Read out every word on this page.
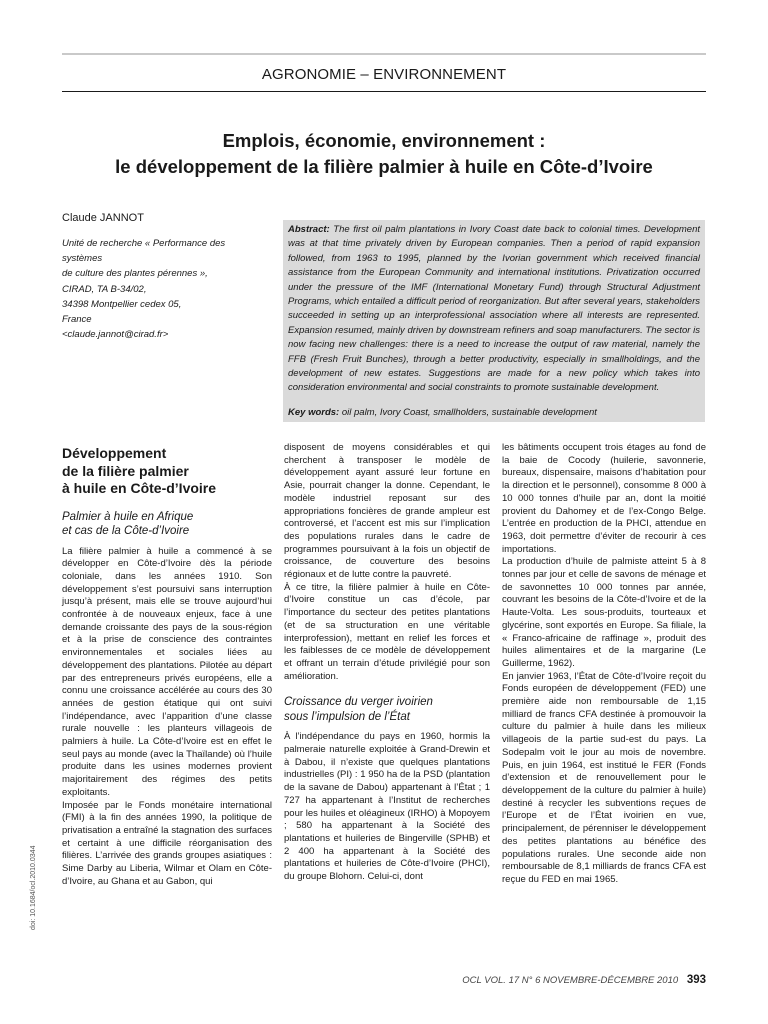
AGRONOMIE – ENVIRONNEMENT
Emplois, économie, environnement :
le développement de la filière palmier à huile en Côte-d’Ivoire
Claude JANNOT
Unité de recherche « Performance des systèmes
de culture des plantes pérennes »,
CIRAD, TA B-34/02,
34398 Montpellier cedex 05,
France
<claude.jannot@cirad.fr>

Abstract: The first oil palm plantations in Ivory Coast date back to colonial times. Development was at that time privately driven by European companies. Then a period of rapid expansion followed, from 1963 to 1995, planned by the Ivorian government which received financial assistance from the European Community and international institutions. Privatization occurred under the pressure of the IMF (International Monetary Fund) through Structural Adjustment Programs, which entailed a difficult period of reorganization. But after several years, stakeholders succeeded in setting up an interprofessional association where all interests are represented. Expansion resumed, mainly driven by downstream refiners and soap manufacturers. The sector is now facing new challenges: there is a need to increase the output of raw material, namely the FFB (Fresh Fruit Bunches), through a better productivity, especially in smallholdings, and the development of new estates. Suggestions are made for a new policy which takes into consideration environmental and social constraints to promote sustainable development.

Key words: oil palm, Ivory Coast, smallholders, sustainable development

Développement
de la filière palmier
à huile en Côte-d’Ivoire
Palmier à huile en Afrique
et cas de la Côte-d’Ivoire

La filière palmier à huile a commencé à se développer en Côte-d’Ivoire dès la période coloniale, dans les années 1910. Son développement s’est poursuivi sans interruption jusqu’à présent, mais elle se trouve aujourd’hui confrontée à de nouveaux enjeux, face à une demande croissante des pays de la sous-région et à la prise de conscience des contraintes environnementales et sociales liées au développement des plantations. Pilotée au départ par des entrepreneurs privés européens, elle a connu une croissance accélérée au cours des 30 années de gestion étatique qui ont suivi l’indépendance, avec l’apparition d’une classe rurale nouvelle : les planteurs villageois de palmiers à huile. La Côte-d’Ivoire est en effet le seul pays au monde (avec la Thaïlande) où l’huile produite dans les usines modernes provient majoritairement des régimes des petits exploitants.

Imposée par le Fonds monétaire international (FMI) à la fin des années 1990, la politique de privatisation a entraîné la stagnation des surfaces et certaint à une difficile réorganisation des filières. L’arrivée des grands groupes asiatiques : Sime Darby au Liberia, Wilmar et Olam en Côte-d’Ivoire, au Ghana et au Gabon, qui

disposent de moyens considérables et qui cherchent à transposer le modèle de développement ayant assuré leur fortune en Asie, pourrait changer la donne. Cependant, le modèle industriel reposant sur des appropriations foncières de grande ampleur est controversé, et l’accent est mis sur l’implication des populations rurales dans le cadre de programmes poursuivant à la fois un objectif de croissance, de couverture des besoins régionaux et de lutte contre la pauvreté.

À ce titre, la filière palmier à huile en Côte-d’Ivoire constitue un cas d’école, par l’importance du secteur des petites plantations (et de sa structuration en une véritable interprofession), mettant en relief les forces et les faiblesses de ce modèle de développement et offrant un terrain d’étude privilégié pour son amélioration.

Croissance du verger ivoirien
sous l’impulsion de l’État

À l’indépendance du pays en 1960, hormis la palmeraie naturelle exploitée à Grand-Drewin et à Dabou, il n’existe que quelques plantations industrielles (PI) : 1 950 ha de la PSD (plantation de la savane de Dabou) appartenant à l’État ; 1 727 ha appartenant à l’Institut de recherches pour les huiles et oléagineux (IRHO) à Mopoyem ; 580 ha appartenant à la Société des plantations et huileries de Bingerville (SPHB) et 2 400 ha appartenant à la Société des plantations et huileries de Côte-d’Ivoire (PHCI), du groupe Blohorn. Celui-ci, dont

les bâtiments occupent trois étages au fond de la baie de Cocody (huilerie, savonnerie, bureaux, dispensaire, maisons d’habitation pour la direction et le personnel), consomme 8 000 à 10 000 tonnes d’huile par an, dont la moitié provient du Dahomey et de l’ex-Congo Belge. L’entrée en production de la PHCI, attendue en 1963, doit permettre d’éviter de recourir à ces importations.

La production d’huile de palmiste atteint 5 à 8 tonnes par jour et celle de savons de ménage et de savonnettes 10 000 tonnes par année, couvrant les besoins de la Côte-d’Ivoire et de la Haute-Volta. Les sous-produits, tourteaux et glycérine, sont exportés en Europe. Sa filiale, la « Franco-africaine de raffinage », produit des huiles alimentaires et de la margarine (Le Guillerme, 1962).

En janvier 1963, l’État de Côte-d’Ivoire reçoit du Fonds européen de développement (FED) une première aide non remboursable de 1,15 milliard de francs CFA destinée à promouvoir la culture du palmier à huile dans les milieux villageois de la partie sud-est du pays. La Sodepalm voit le jour au mois de novembre. Puis, en juin 1964, est institué le FER (Fonds d’extension et de renouvellement pour le développement de la culture du palmier à huile) destiné à recycler les subventions reçues de l’Europe et de l’État ivoirien en vue, principalement, de pérenniser le développement des petites plantations au bénéfice des populations rurales. Une seconde aide non remboursable de 8,1 milliards de francs CFA est reçue du FED en mai 1965.

doi: 10.1684/ocl.2010.0344
OCL VOL. 17 N° 6 NOVEMBRE-DÉCEMBRE 2010 393
